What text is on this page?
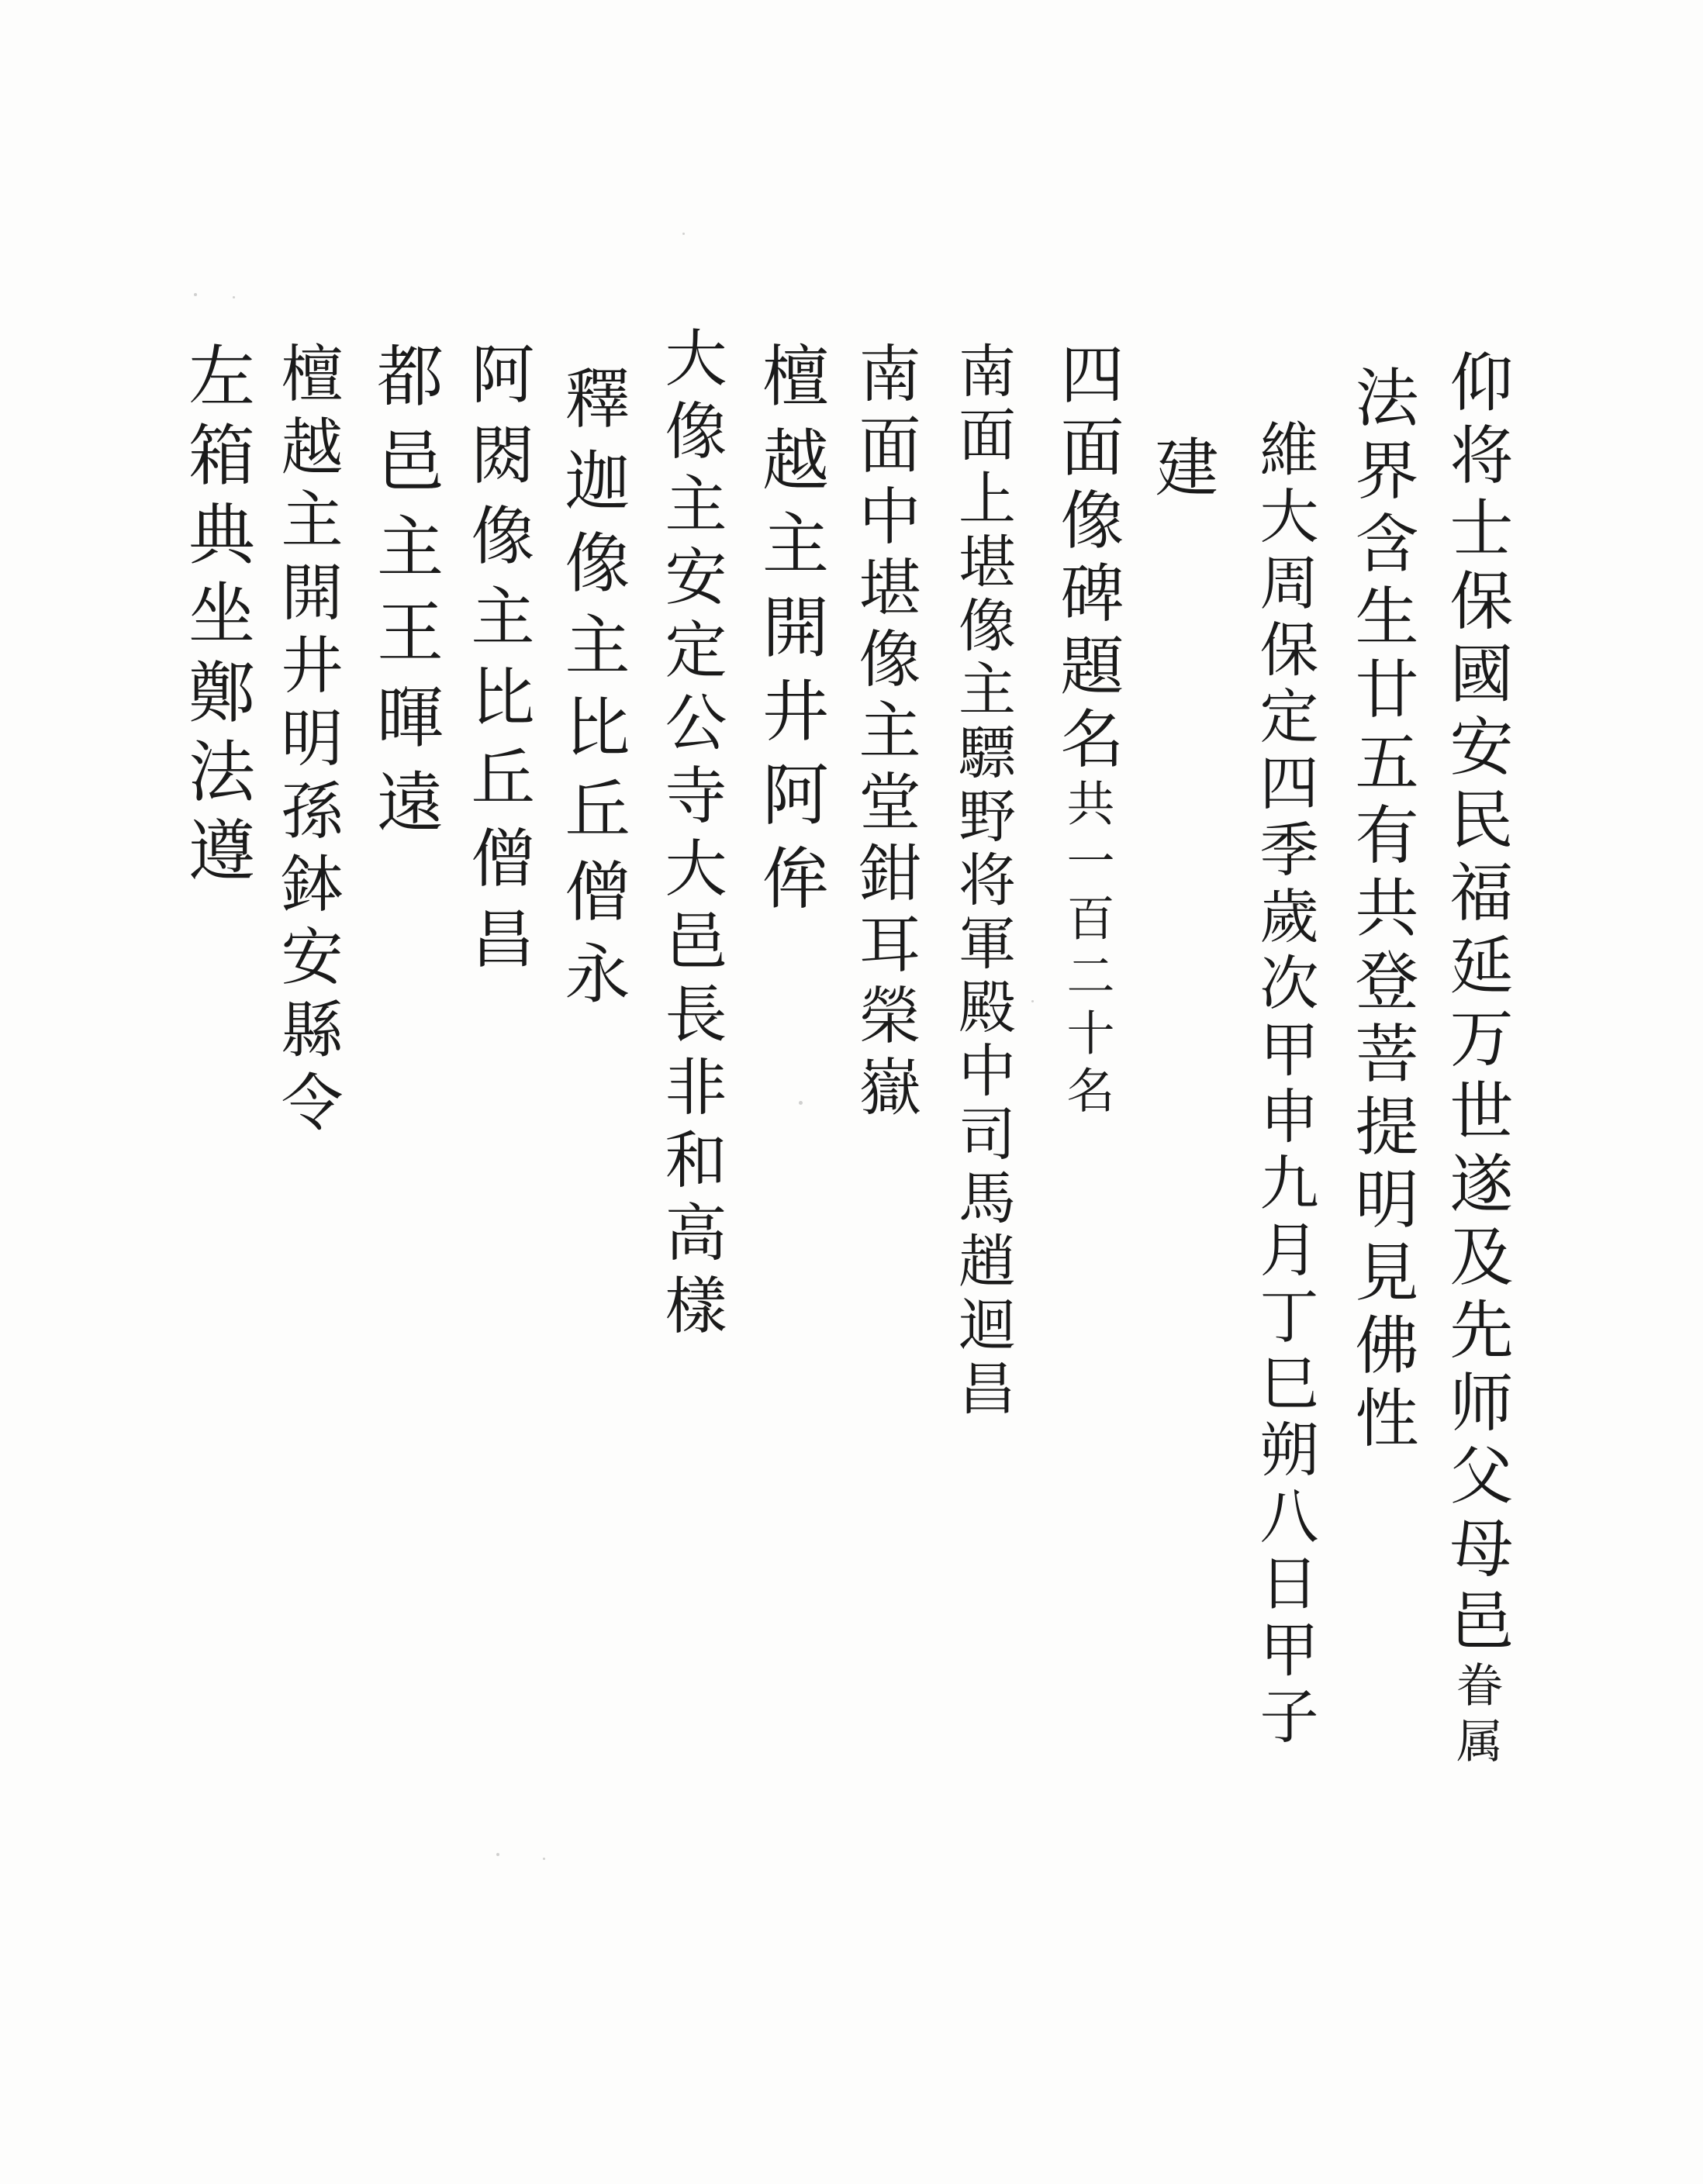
仰将士保國安民福延万世遂及先师父母邑眷属
法界含生廿五有共登菩提明見佛性
維大周保定四季歲次甲申九月丁巳朔八日甲子
建
四面像碑題名共一百二十名
南面上堪像主驃野将軍殿中司馬趙迴昌
南面中堪像主堂鉗耳榮嶽
檀越主開井阿侔
大像主安定公寺大邑長非和高樣
釋迦像主比丘僧永
阿閦像主比丘僧昌
都邑主王暉遠
檀越主開井明孫鉢安縣令
左箱典坐鄭法遵
